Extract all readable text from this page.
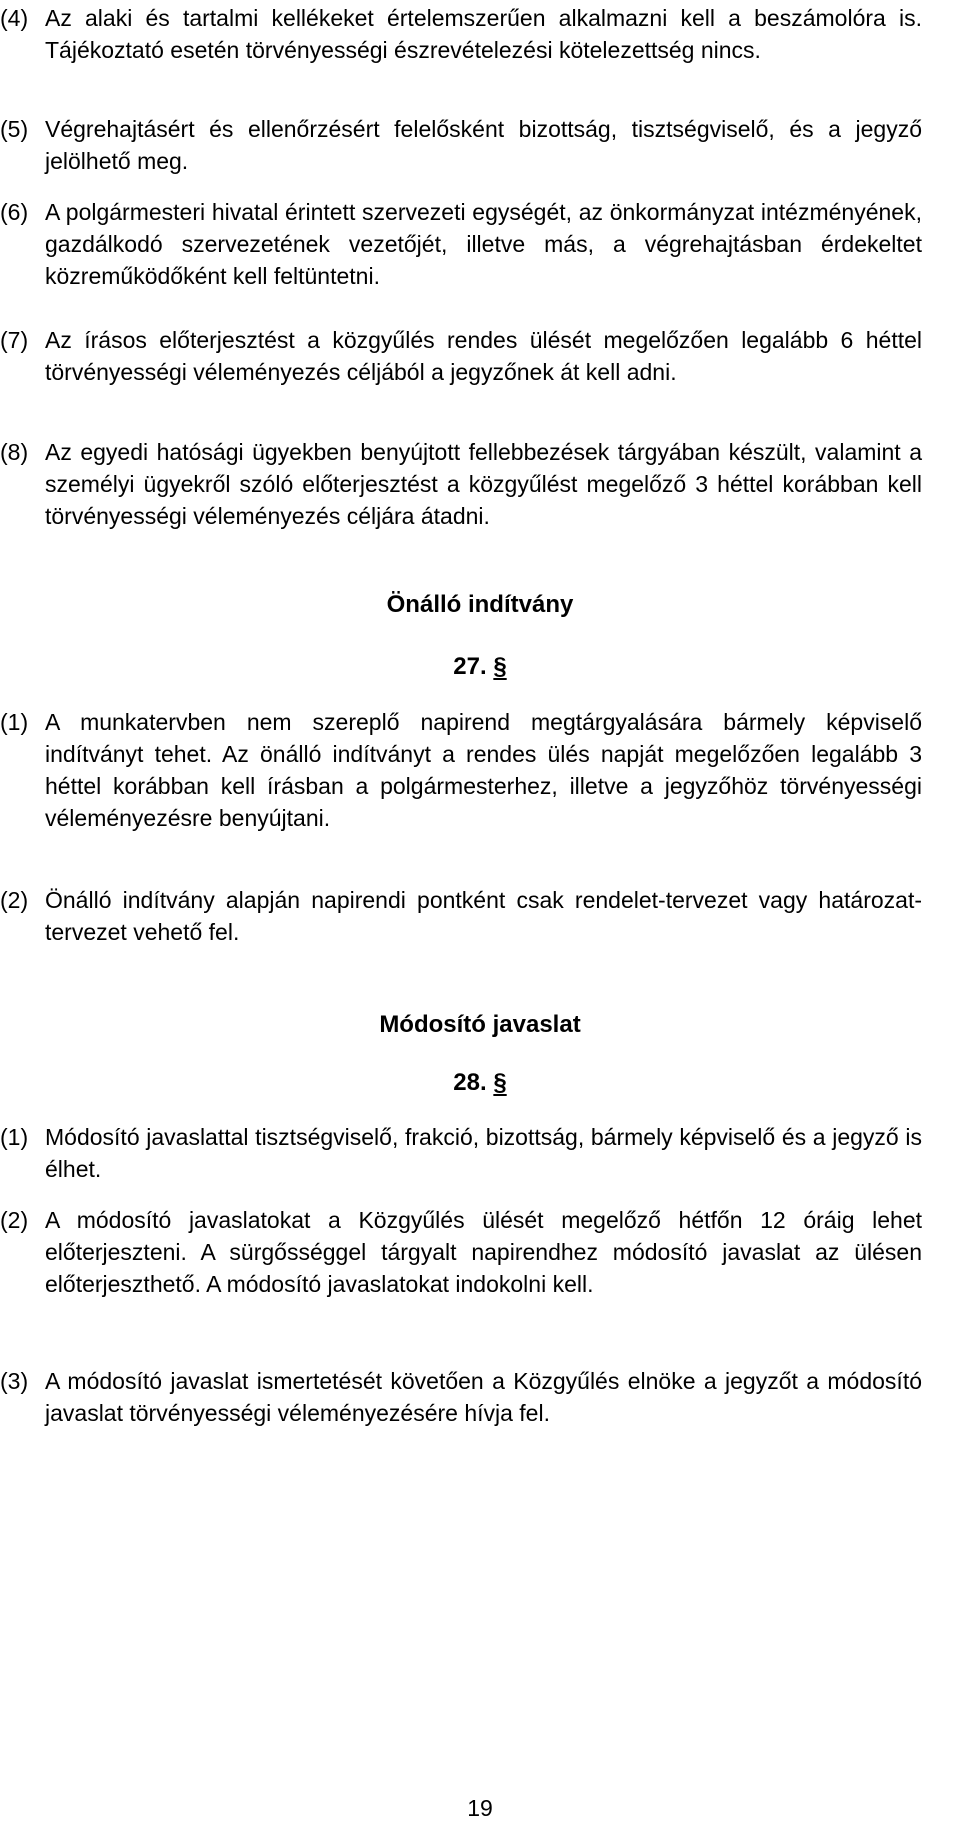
(4) Az alaki és tartalmi kellékeket értelemszerűen alkalmazni kell a beszámolóra is. Tájékoztató esetén törvényességi észrevételezési kötelezettség nincs.
(5) Végrehajtásért és ellenőrzésért felelősként bizottság, tisztségviselő, és a jegyző jelölhető meg.
(6) A polgármesteri hivatal érintett szervezeti egységét, az önkormányzat intézményének, gazdálkodó szervezetének vezetőjét, illetve más, a végrehajtásban érdekeltet közreműködőként kell feltüntetni.
(7) Az írásos előterjesztést a közgyűlés rendes ülését megelőzően legalább 6 héttel törvényességi véleményezés céljából a jegyzőnek át kell adni.
(8) Az egyedi hatósági ügyekben benyújtott fellebbezések tárgyában készült, valamint a személyi ügyekről szóló előterjesztést a közgyűlést megelőző 3 héttel korábban kell törvényességi véleményezés céljára átadni.
Önálló indítvány
27. §
(1) A munkatervben nem szereplő napirend megtárgyalására bármely képviselő indítványt tehet. Az önálló indítványt a rendes ülés napját megelőzően legalább 3 héttel korábban kell írásban a polgármesterhez, illetve a jegyzőhöz törvényességi véleményezésre benyújtani.
(2) Önálló indítvány alapján napirendi pontként csak rendelet-tervezet vagy határozat-tervezet vehető fel.
Módosító javaslat
28. §
(1) Módosító javaslattal tisztségviselő, frakció, bizottság, bármely képviselő és a jegyző is élhet.
(2) A módosító javaslatokat a Közgyűlés ülését megelőző hétfőn 12 óráig lehet előterjeszteni. A sürgősséggel tárgyalt napirendhez módosító javaslat az ülésen előterjeszthető. A módosító javaslatokat indokolni kell.
(3) A módosító javaslat ismertetését követően a Közgyűlés elnöke a jegyzőt a módosító javaslat törvényességi véleményezésére hívja fel.
19
